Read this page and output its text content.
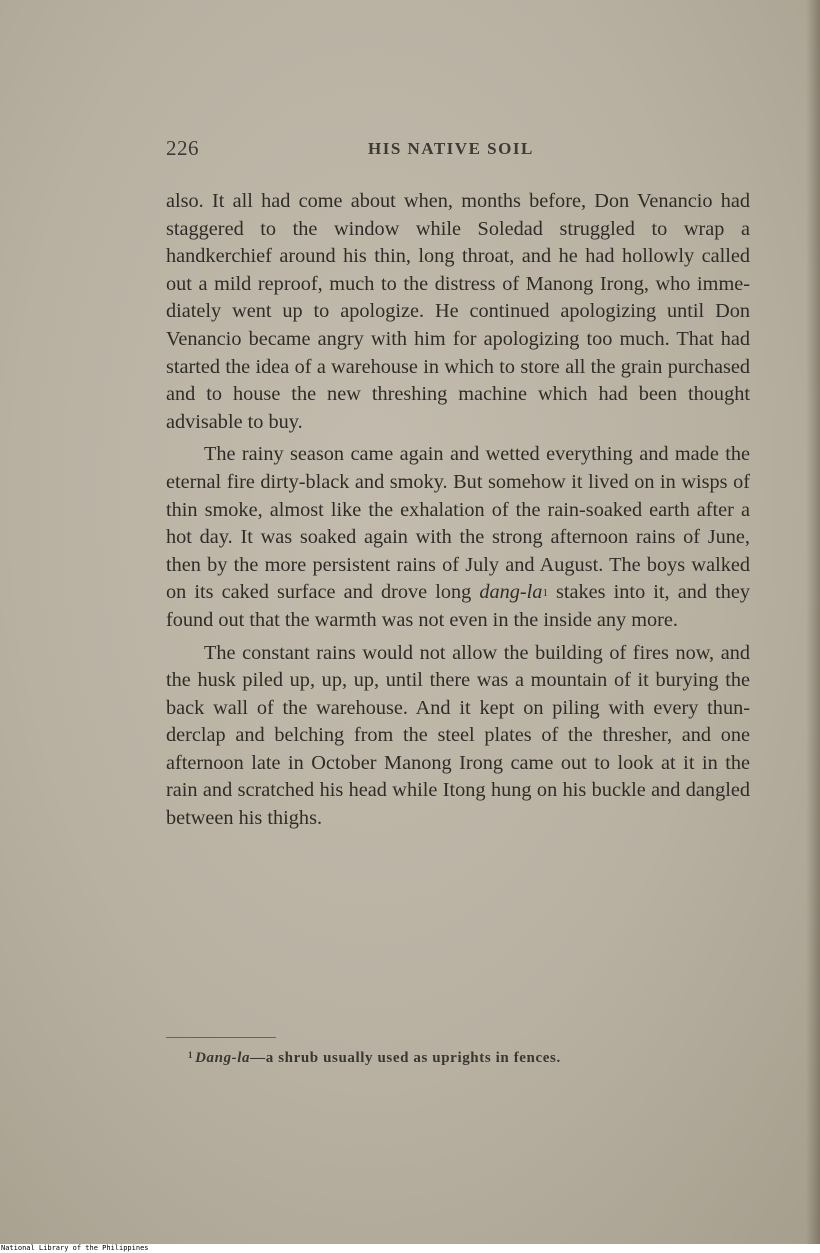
226	HIS NATIVE SOIL

also. It all had come about when, months before, Don Venancio had staggered to the window while Soledad struggled to wrap a handkerchief around his thin, long throat, and he had hollowly called out a mild reproof, much to the distress of Manong Irong, who immediately went up to apologize. He continued apologizing until Don Venancio became angry with him for apologizing too much. That had started the idea of a warehouse in which to store all the grain purchased and to house the new threshing machine which had been thought advisable to buy.

The rainy season came again and wetted everything and made the eternal fire dirty-black and smoky. But somehow it lived on in wisps of thin smoke, almost like the exhalation of the rain-soaked earth after a hot day. It was soaked again with the strong afternoon rains of June, then by the more persistent rains of July and August. The boys walked on its caked surface and drove long dang-la$^1$ stakes into it, and they found out that the warmth was not even in the inside any more.

The constant rains would not allow the building of fires now, and the husk piled up, up, up, until there was a mountain of it burying the back wall of the warehouse. And it kept on piling with every thunderclap and belching from the steel plates of the thresher, and one afternoon late in October Manong Irong came out to look at it in the rain and scratched his head while Itong hung on his buckle and dangled between his thighs.

$^1$ Dang-la—a shrub usually used as uprights in fences.
National Library of the Philippines
